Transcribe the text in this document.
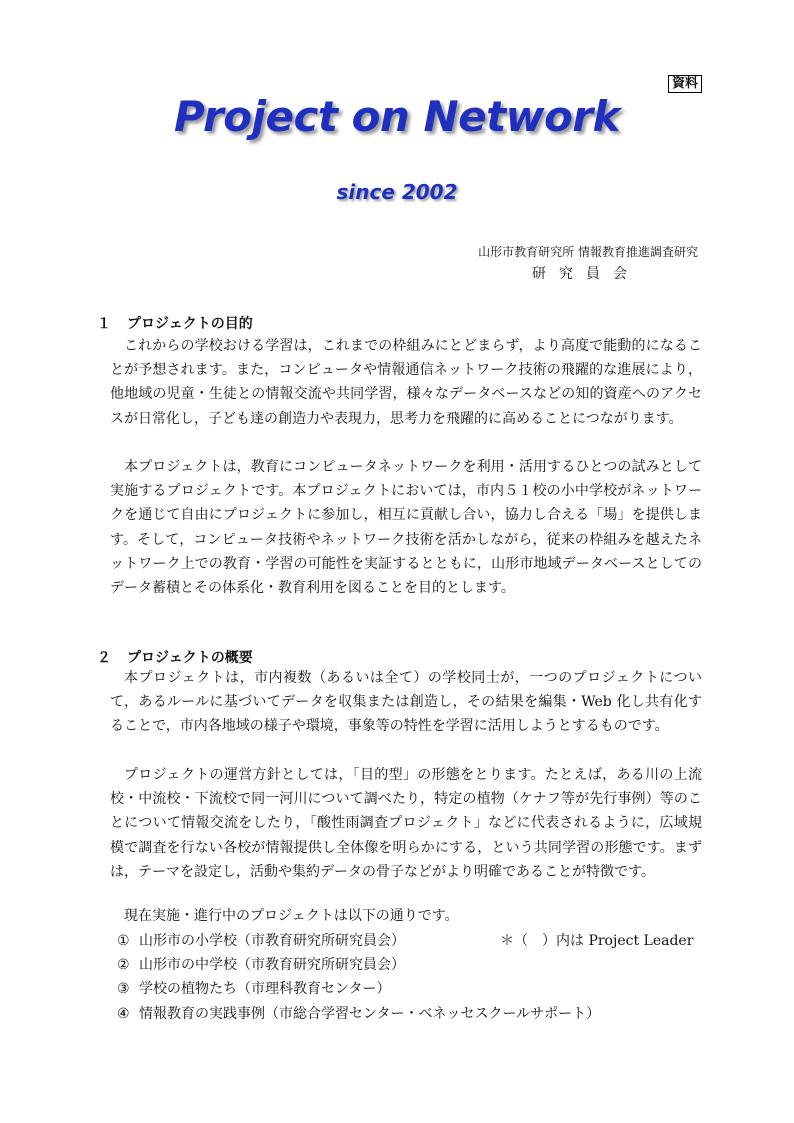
資料
Project on Network
since 2002
山形市教育研究所 情報教育推進調査研究
研究員会
１ プロジェクトの目的

これからの学校おける学習は，これまでの枠組みにとどまらず，より高度で能動的になることが予想されます。また，コンピュータや情報通信ネットワーク技術の飛躍的な進展により，他地域の児童・生徒との情報交流や共同学習，様々なデータベースなどの知的資産へのアクセスが日常化し，子ども達の創造力や表現力，思考力を飛躍的に高めることにつながります。

本プロジェクトは，教育にコンピュータネットワークを利用・活用するひとつの試みとして実施するプロジェクトです。本プロジェクトにおいては，市内５１校の小中学校がネットワークを通じて自由にプロジェクトに参加し，相互に貢献し合い，協力し合える「場」を提供します。そして，コンピュータ技術やネットワーク技術を活かしながら，従来の枠組みを越えたネットワーク上での教育・学習の可能性を実証するとともに，山形市地域データベースとしてのデータ蓄積とその体系化・教育利用を図ることを目的とします。

２ プロジェクトの概要

本プロジェクトは，市内複数（あるいは全て）の学校同士が，一つのプロジェクトについて，あるルールに基づいてデータを収集または創造し，その結果を編集・Web 化し共有化することで，市内各地域の様子や環境，事象等の特性を学習に活用しようとするものです。

プロジェクトの運営方針としては，「目的型」の形態をとります。たとえば，ある川の上流校・中流校・下流校で同一河川について調べたり，特定の植物（ケナフ等が先行事例）等のことについて情報交流をしたり，「酸性雨調査プロジェクト」などに代表されるように，広域規模で調査を行ない各校が情報提供し全体像を明らかにする，という共同学習の形態です。まずは，テーマを設定し，活動や集約データの骨子などがより明確であることが特徴です。

現在実施・進行中のプロジェクトは以下の通りです。

① 山形市の小学校（市教育研究所研究員会）
② 山形市の中学校（市教育研究所研究員会）
③ 学校の植物たち（市理科教育センター）
④ 情報教育の実践事例（市総合学習センター・ベネッセスクールサポート）
＊（　）内は Project Leader
